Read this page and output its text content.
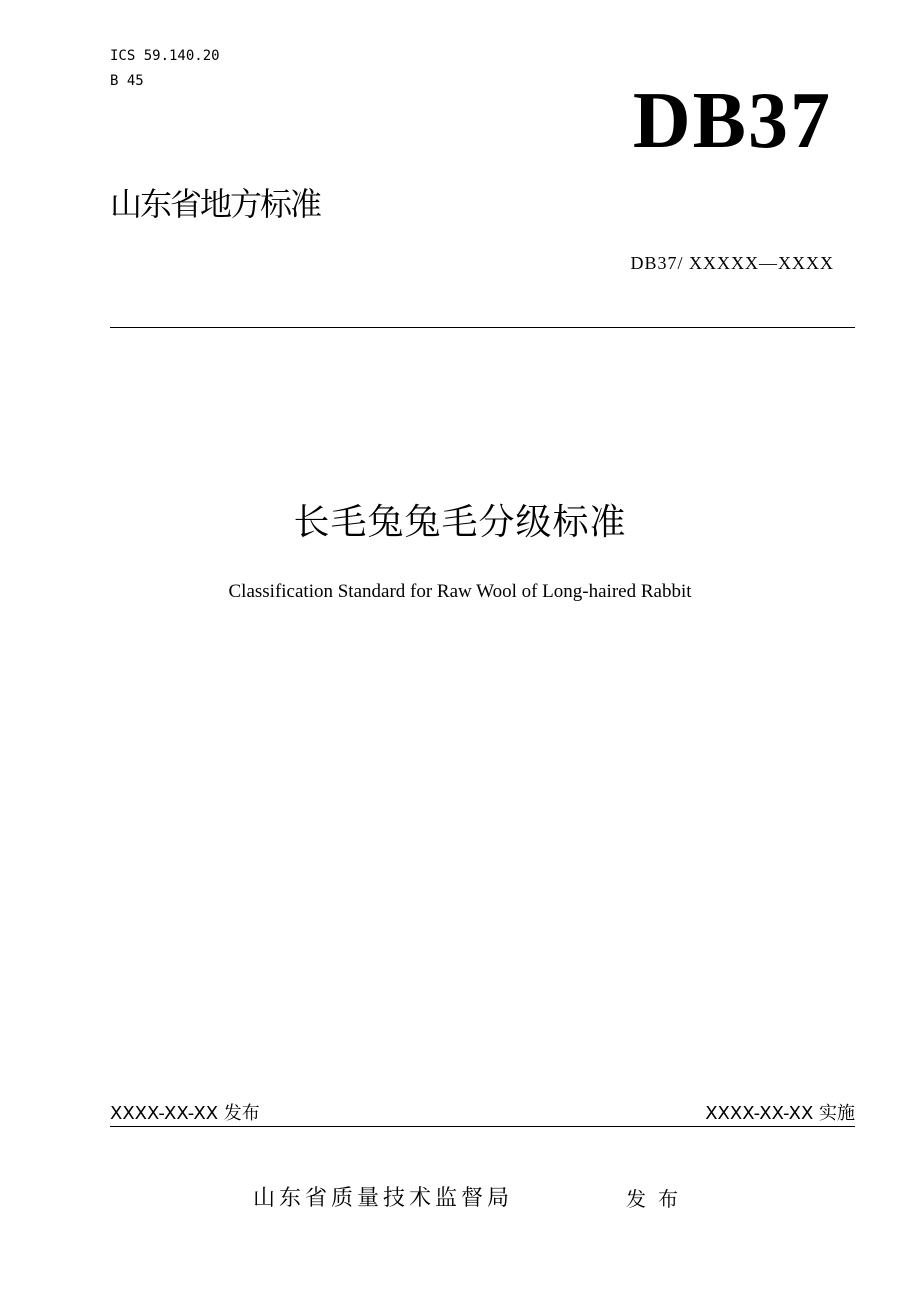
ICS 59.140.20
B 45	DB37
山东省地方标准
DB37/ XXXXX—XXXX
长毛兔兔毛分级标准
Classification Standard for Raw Wool of Long-haired Rabbit
XXXX-XX-XX 发布	XXXX-XX-XX 实施
山东省质量技术监督局	发布
